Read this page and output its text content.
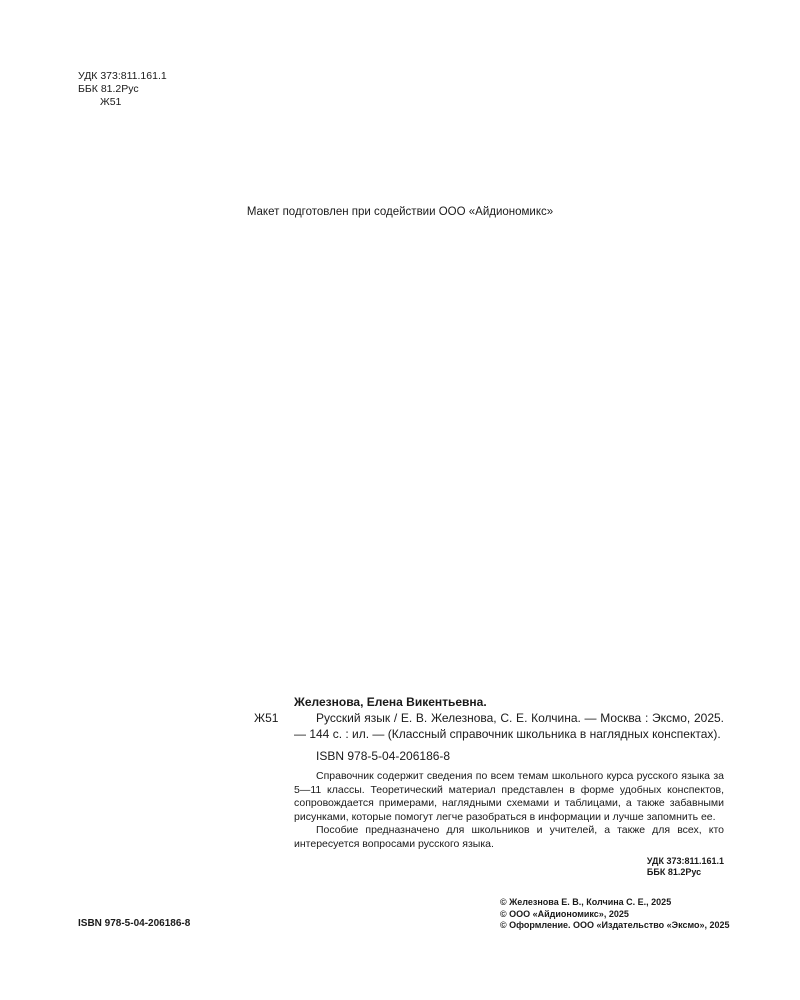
УДК 373:811.161.1
ББК 81.2Рус
Ж51
Макет подготовлен при содействии ООО «Айдиономикс»
Железнова, Елена Викентьевна.
Ж51	Русский язык / Е. В. Железнова, С. Е. Колчина. — Москва : Эксмо, 2025. — 144 с. : ил. — (Классный справочник школьника в наглядных конспектах).
ISBN 978-5-04-206186-8

Справочник содержит сведения по всем темам школьного курса русского языка за 5—11 классы. Теоретический материал представлен в форме удобных конспектов, сопровождается примерами, наглядными схемами и таблицами, а также забавными рисунками, которые помогут легче разобраться в информации и лучше запомнить ее.

Пособие предназначено для школьников и учителей, а также для всех, кто интересуется вопросами русского языка.

УДК 373:811.161.1
ББК 81.2Рус
© Железнова Е. В., Колчина С. Е., 2025
© ООО «Айдиономикс», 2025
© Оформление. ООО «Издательство «Эксмо», 2025
ISBN 978-5-04-206186-8
